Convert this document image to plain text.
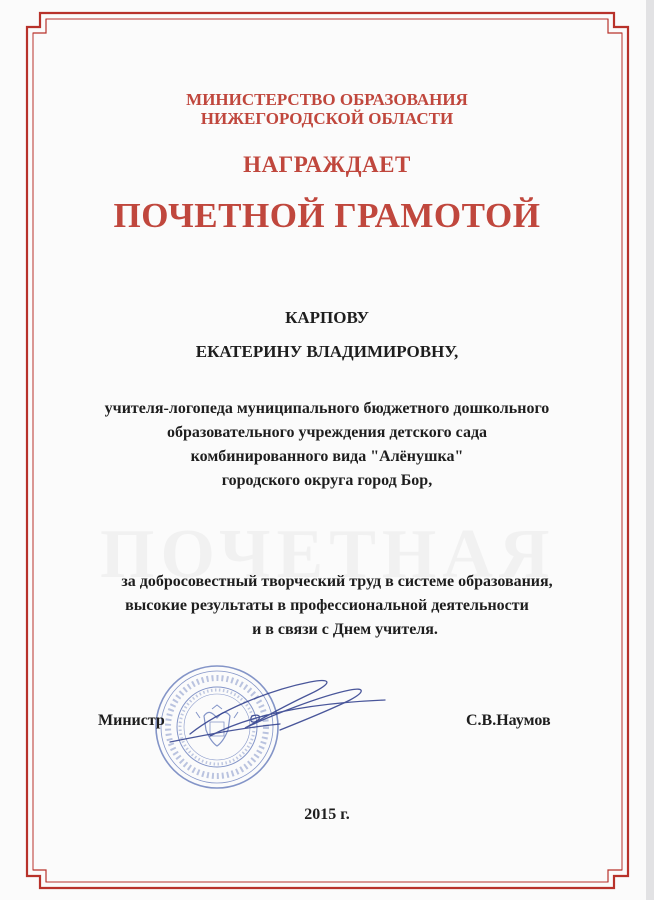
МИНИСТЕРСТВО ОБРАЗОВАНИЯ
НИЖЕГОРОДСКОЙ ОБЛАСТИ
НАГРАЖДАЕТ
ПОЧЕТНОЙ ГРАМОТОЙ
КАРПОВУ
ЕКАТЕРИНУ ВЛАДИМИРОВНУ,
учителя-логопеда муниципального бюджетного дошкольного
образовательного учреждения детского сада
комбинированного вида "Алёнушка"
городского округа город Бор,
за добросовестный творческий труд в системе образования,
высокие результаты в профессиональной деятельности
и в связи с Днем учителя.
Министр	С.В.Наумов
2015 г.
